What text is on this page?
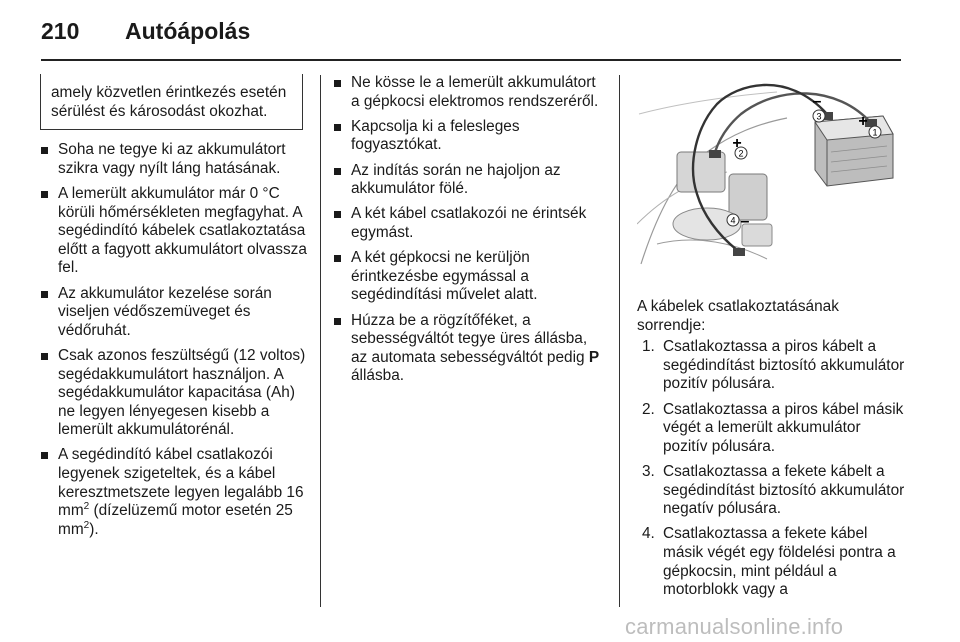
210 Autóápolás

amely közvetlen érintkezés esetén sérülést és károsodást okozhat.

Soha ne tegye ki az akkumulátort szikra vagy nyílt láng hatásának.
A lemerült akkumulátor már 0 °C körüli hőmérsékleten megfagyhat. A segédindító kábelek csatlakoztatása előtt a fagyott akkumulátort olvassza fel.
Az akkumulátor kezelése során viseljen védőszemüveget és védőruhát.
Csak azonos feszültségű (12 voltos) segédakkumulátort használjon. A segédakkumulátor kapacitása (Ah) ne legyen lényegesen kisebb a lemerült akkumulátorénál.
A segédindító kábel csatlakozói legyenek szigeteltek, és a kábel keresztmetszete legyen legalább 16 $mm^2$ (dízelüzemű motor esetén 25 $mm^2$).
Ne kösse le a lemerült akkumulátort a gépkocsi elektromos rendszeréről.
Kapcsolja ki a felesleges fogyasztókat.
Az indítás során ne hajoljon az akkumulátor fölé.
A két kábel csatlakozói ne érintsék egymást.
A két gépkocsi ne kerüljön érintkezésbe egymással a segédindítási művelet alatt.
Húzza be a rögzítőféket, a sebességváltót tegye üres állásba, az automata sebességváltót pedig P állásba.
1
2
3
4
+
+
–
–

A kábelek csatlakoztatásának sorrendje:

1. Csatlakoztassa a piros kábelt a segédindítást biztosító akkumulátor pozitív pólusára.
2. Csatlakoztassa a piros kábel másik végét a lemerült akkumulátor pozitív pólusára.
3. Csatlakoztassa a fekete kábelt a segédindítást biztosító akkumulátor negatív pólusára.
4. Csatlakoztassa a fekete kábel másik végét egy földelési pontra a gépkocsin, mint például a motorblokk vagy a
carmanualsonline.info
